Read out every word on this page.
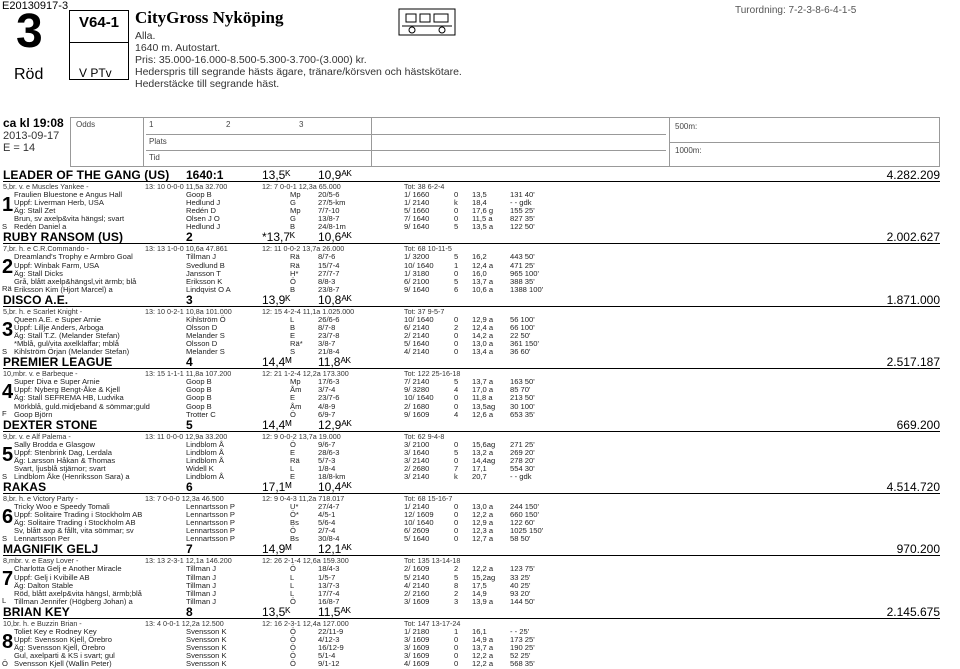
E20130917-3
3
Röd
V64-1
V PTv
CityGross Nyköping
Alla.
1640 m. Autostart.
Pris: 35.000-16.000-8.500-5.300-3.700-(3.000) kr.
Hederspris till segrande hästs ägare, tränare/körsven och hästskötare.
Hederstäcke till segrande häst.
Turordning: 7-2-3-8-6-4-1-5
ca kl 19:08
2013-09-17
E = 14
Odds	1	2	3
Plats
Tid
500m:
1000m:
LEADER OF THE GANG (US) 1640:1	13,5ᴷ 10,9ᴬᴷ	4.282.209
5,br. v. e Muscles Yankee -	13: 10 0-0-0 11,5a 32.700	12: 7 0-0-1 12,3a 65.000	Tot: 38 6-2-4
Fraulien Bluestone e Angus Hall
1
S
Goop B	Mp 20/5-6	1/ 1660	0 13,5	131 40'
Uppf: Liverman Herb, USA	Hedlund J	G	27/5-km	1/ 2140	k 18,4	- - gdk
Äg: Stall Zet	Redén D	Mp 7/7-10	5/ 1660	0 17,6 g 155 25'
Brun, sv axelp&vita hängsl; svart	Olsen J O	G	13/8-7	7/ 1640	0 11,5 a 827 35'
Redén Daniel a	Hedlund J	B	24/8-1m	9/ 1640	5 13,5 a 122 50'
RUBY RANSOM (US)	2	*13,7ᴷ 10,6ᴬᴷ	2.002.627
7,br. h. e C.R.Commando -	13: 13 1-0-0 10,6a 47.861	12: 11 0-0-2 13,7a 26.000	Tot: 68 10-11-5
Dreamland's Trophy e Armbro Goal
2
Rä
Tillman J	Rä 8/7-6	1/ 3200	5 16,2	443 50'
Uppf: Winbak Farm, USA	Svedlund B	Rä 15/7-4	10/ 1640	1 12,4 a 471 25'
Äg: Stall Dicks	Jansson T	H*	27/7-7	1/ 3180	0 16,0	965 100'
Grå, blått axelp&hängsl,vit ärmb; blå	Eriksson K	Ö	8/8-3	6/ 2100	5 13,7 a 388 35'
Eriksson Kim (Hjort Marcel) a	Lindqvist O A	B	23/8-7	9/ 1640	6 10,6 a 1388 100'
DISCO A.E.	3	13,9ᴷ 10,8ᴬᴷ	1.871.000
5,br. h. e Scarlet Knight -	13: 10 0-2-1 10,8a 101.000	12: 15 4-2-4 11,1a 1.025.000	Tot: 37 9-5-7
Queen A.E. e Super Arnie
3
S
Kihlström Ö	L	26/6-6	10/ 1640	0 12,9 a 56 100'
Uppf: Lillje Anders, Arboga	Olsson D	B	8/7-8	6/ 2140	2 12,4 a 66 100'
Äg: Stall T.Z. (Melander Stefan)	Melander S	E	23/7-8	2/ 2140	0 14,2 a 22 50'
*Mblå, gul/vita axelklaffar; mblå	Olsson D	Rä* 3/8-7	5/ 1640	0 13,0 a 361 150'
Kihlström Örjan (Melander Stefan)	Melander S	S	21/8-4	4/ 2140	0 13,4 a 36 60'
PREMIER LEAGUE	4	14,4ᴹ 11,8ᴬᴷ	2.517.187
10,mbr. v. e Barbeque -	13: 15 1-1-1 11,8a 107.200	12: 21 1-2-4 12,2a 173.300	Tot: 122 25-16-18
Super Diva e Super Arnie
4
F
Goop B	Mp 17/6-3	7/ 2140	5 13,7 a 163 50'
Uppf: Nyberg Bengt-Åke & Kjell	Goop B	Åm 3/7-4	9/ 3280	4 17,0 a 85 70'
Äg: Stall SEFREMA HB, Ludvika	Goop B	E	23/7-6	10/ 1640	0 11,8 a 213 50'
Mörkblå, guld.midjeband & sömmar;guld	Goop B	Åm 4/8-9	2/ 1680	0 13,5ag 30 100'
Goop Björn	Trotter C	Ö	6/9-7	9/ 1609	4 12,6 a 653 35'
DEXTER STONE	5	14,4ᴹ 12,9ᴬᴷ	669.200
9,br. v. e Alf Palema -	13: 11 0-0-0 12,9a 33.200	12: 9 0-0-2 13,7a 19.000	Tot: 62 9-4-8
Sally Brodda e Glasgow
5
S
Lindblom Å	Ö	9/6-7	3/ 2100	0 15,6ag 271 25'
Uppf: Stenbrink Dag, Lerdala	Lindblom Å	E	28/6-3	3/ 1640	5 13,2 a 269 20'
Äg: Larsson Håkan & Thomas	Lindblom Å	Rä 5/7-3	3/ 2140	0 14,4ag 278 20'
Svart, ljusblå stjärnor; svart	Widell K	L	1/8-4	2/ 2680	7 17,1	554 30'
Lindblom Åke (Henriksson Sara) a	Lindblom Å	E	18/8-km	3/ 2140	k 20,7	- - gdk
RAKAS	6	17,1ᴹ 10,4ᴬᴷ	4.514.720
8,br. h. e Victory Party -	13: 7 0-0-0 12,3a 46.500	12: 9 0-4-3 11,2a 718.017	Tot: 68 15-16-7
Tricky Woo e Speedy Tomali
6
S
Lennartsson P	U*	27/4-7	1/ 2140	0 13,0 a 244 150'
Uppf: Solitaire Trading i Stockholm AB	Lennartsson P	Ö*	4/5-1	12/ 1609	0 12,2 a 660 150'
Äg: Solitaire Trading i Stockholm AB	Lennartsson P	Bs	5/6-4	10/ 1640	0 12,9 a 122 60'
Sv, blått axp & fållt, vita sömmar; sv	Lennartsson P	Ö	2/7-4	6/ 2609	0 12,3 a 1025 150'
Lennartsson Per	Lennartsson P	Bs	30/8-4	5/ 1640	0 12,7 a 58 50'
MAGNIFIK GELJ	7	14,9ᴹ 12,1ᴬᴷ	970.200
8,mbr. v. e Easy Lover -	13: 13 2-3-1 12,1a 146.200	12: 26 2-1-4 12,6a 159.300	Tot: 135 13-14-18
Charlotta Gelj e Another Miracle
7
L
Tillman J	Ö	18/4-3	2/ 1609	2 12,2 a 123 75'
Uppf: Gelj i Kvibille AB	Tillman J	L	1/5-7	5/ 2140	5 15,2ag 33 25'
Äg: Dalton Stable	Tillman J	L	13/7-3	4/ 2140	8 17,5	40 25'
Röd, blått axelp&vita hängsl, ärmb;blå	Tillman J	L	17/7-4	2/ 2160	2 14,9	93 20'
Tillman Jennifer (Högberg Johan) a	Tillman J	Ö	16/8-7	3/ 1609	3 13,9 a 144 50'
BRIAN KEY	8	13,5ᴷ 11,5ᴬᴷ	2.145.675
10,br. h. e Buzzin Brian -	13: 4 0-0-1 12,2a 12.500	12: 16 2-3-1 12,4a 127.000	Tot: 147 13-17-24
Toliet Key e Rodney Key
8
Ö
Svensson K	Ö	22/11-9	1/ 2180	1 16,1	- - 25'
Uppf: Svensson Kjell, Örebro	Svensson K	Ö	4/12-3	3/ 1609	0 14,9 a 173 25'
Äg: Svensson Kjell, Örebro	Svensson K	Ö	16/12-9	3/ 1609	0 13,7 a 190 25'
Gul, axelparti & KS i svart; gul	Svensson K	Ö	5/1-4	3/ 1609	0 12,2 a 52 25'
Svensson Kjell (Wallin Peter)	Svensson K	Ö	9/1-12	4/ 1609	0 12,2 a 568 35'
